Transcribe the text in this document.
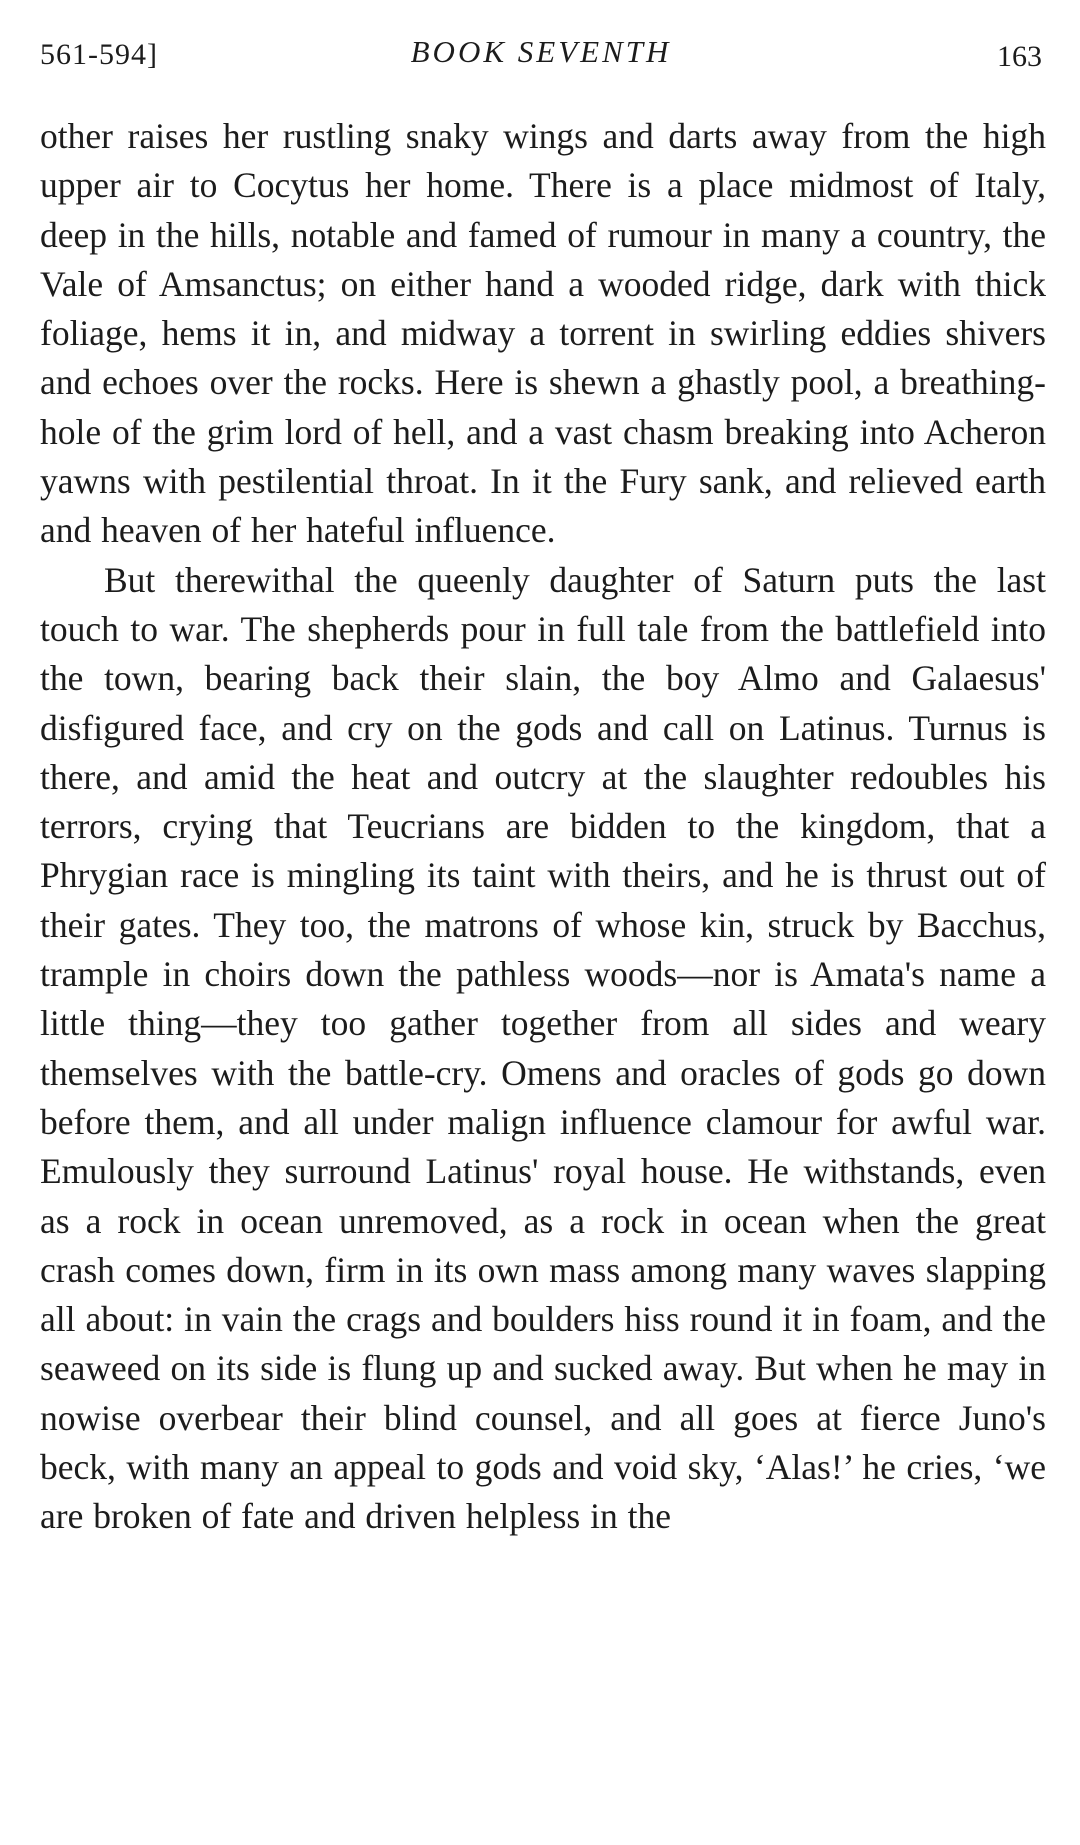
561-594]	BOOK SEVENTH	163

other raises her rustling snaky wings and darts away from the high upper air to Cocytus her home. There is a place midmost of Italy, deep in the hills, notable and famed of rumour in many a country, the Vale of Amsanctus; on either hand a wooded ridge, dark with thick foliage, hems it in, and midway a torrent in swirling eddies shivers and echoes over the rocks. Here is shewn a ghastly pool, a breathing-hole of the grim lord of hell, and a vast chasm breaking into Acheron yawns with pestilential throat. In it the Fury sank, and relieved earth and heaven of her hateful influence.

But therewithal the queenly daughter of Saturn puts the last touch to war. The shepherds pour in full tale from the battlefield into the town, bearing back their slain, the boy Almo and Galaesus' disfigured face, and cry on the gods and call on Latinus. Turnus is there, and amid the heat and outcry at the slaughter redoubles his terrors, crying that Teucrians are bidden to the kingdom, that a Phrygian race is mingling its taint with theirs, and he is thrust out of their gates. They too, the matrons of whose kin, struck by Bacchus, trample in choirs down the pathless woods—nor is Amata's name a little thing—they too gather together from all sides and weary themselves with the battle-cry. Omens and oracles of gods go down before them, and all under malign influence clamour for awful war. Emulously they surround Latinus' royal house. He withstands, even as a rock in ocean unremoved, as a rock in ocean when the great crash comes down, firm in its own mass among many waves slapping all about: in vain the crags and boulders hiss round it in foam, and the seaweed on its side is flung up and sucked away. But when he may in nowise overbear their blind counsel, and all goes at fierce Juno's beck, with many an appeal to gods and void sky, ‘Alas!’ he cries, ‘we are broken of fate and driven helpless in the
